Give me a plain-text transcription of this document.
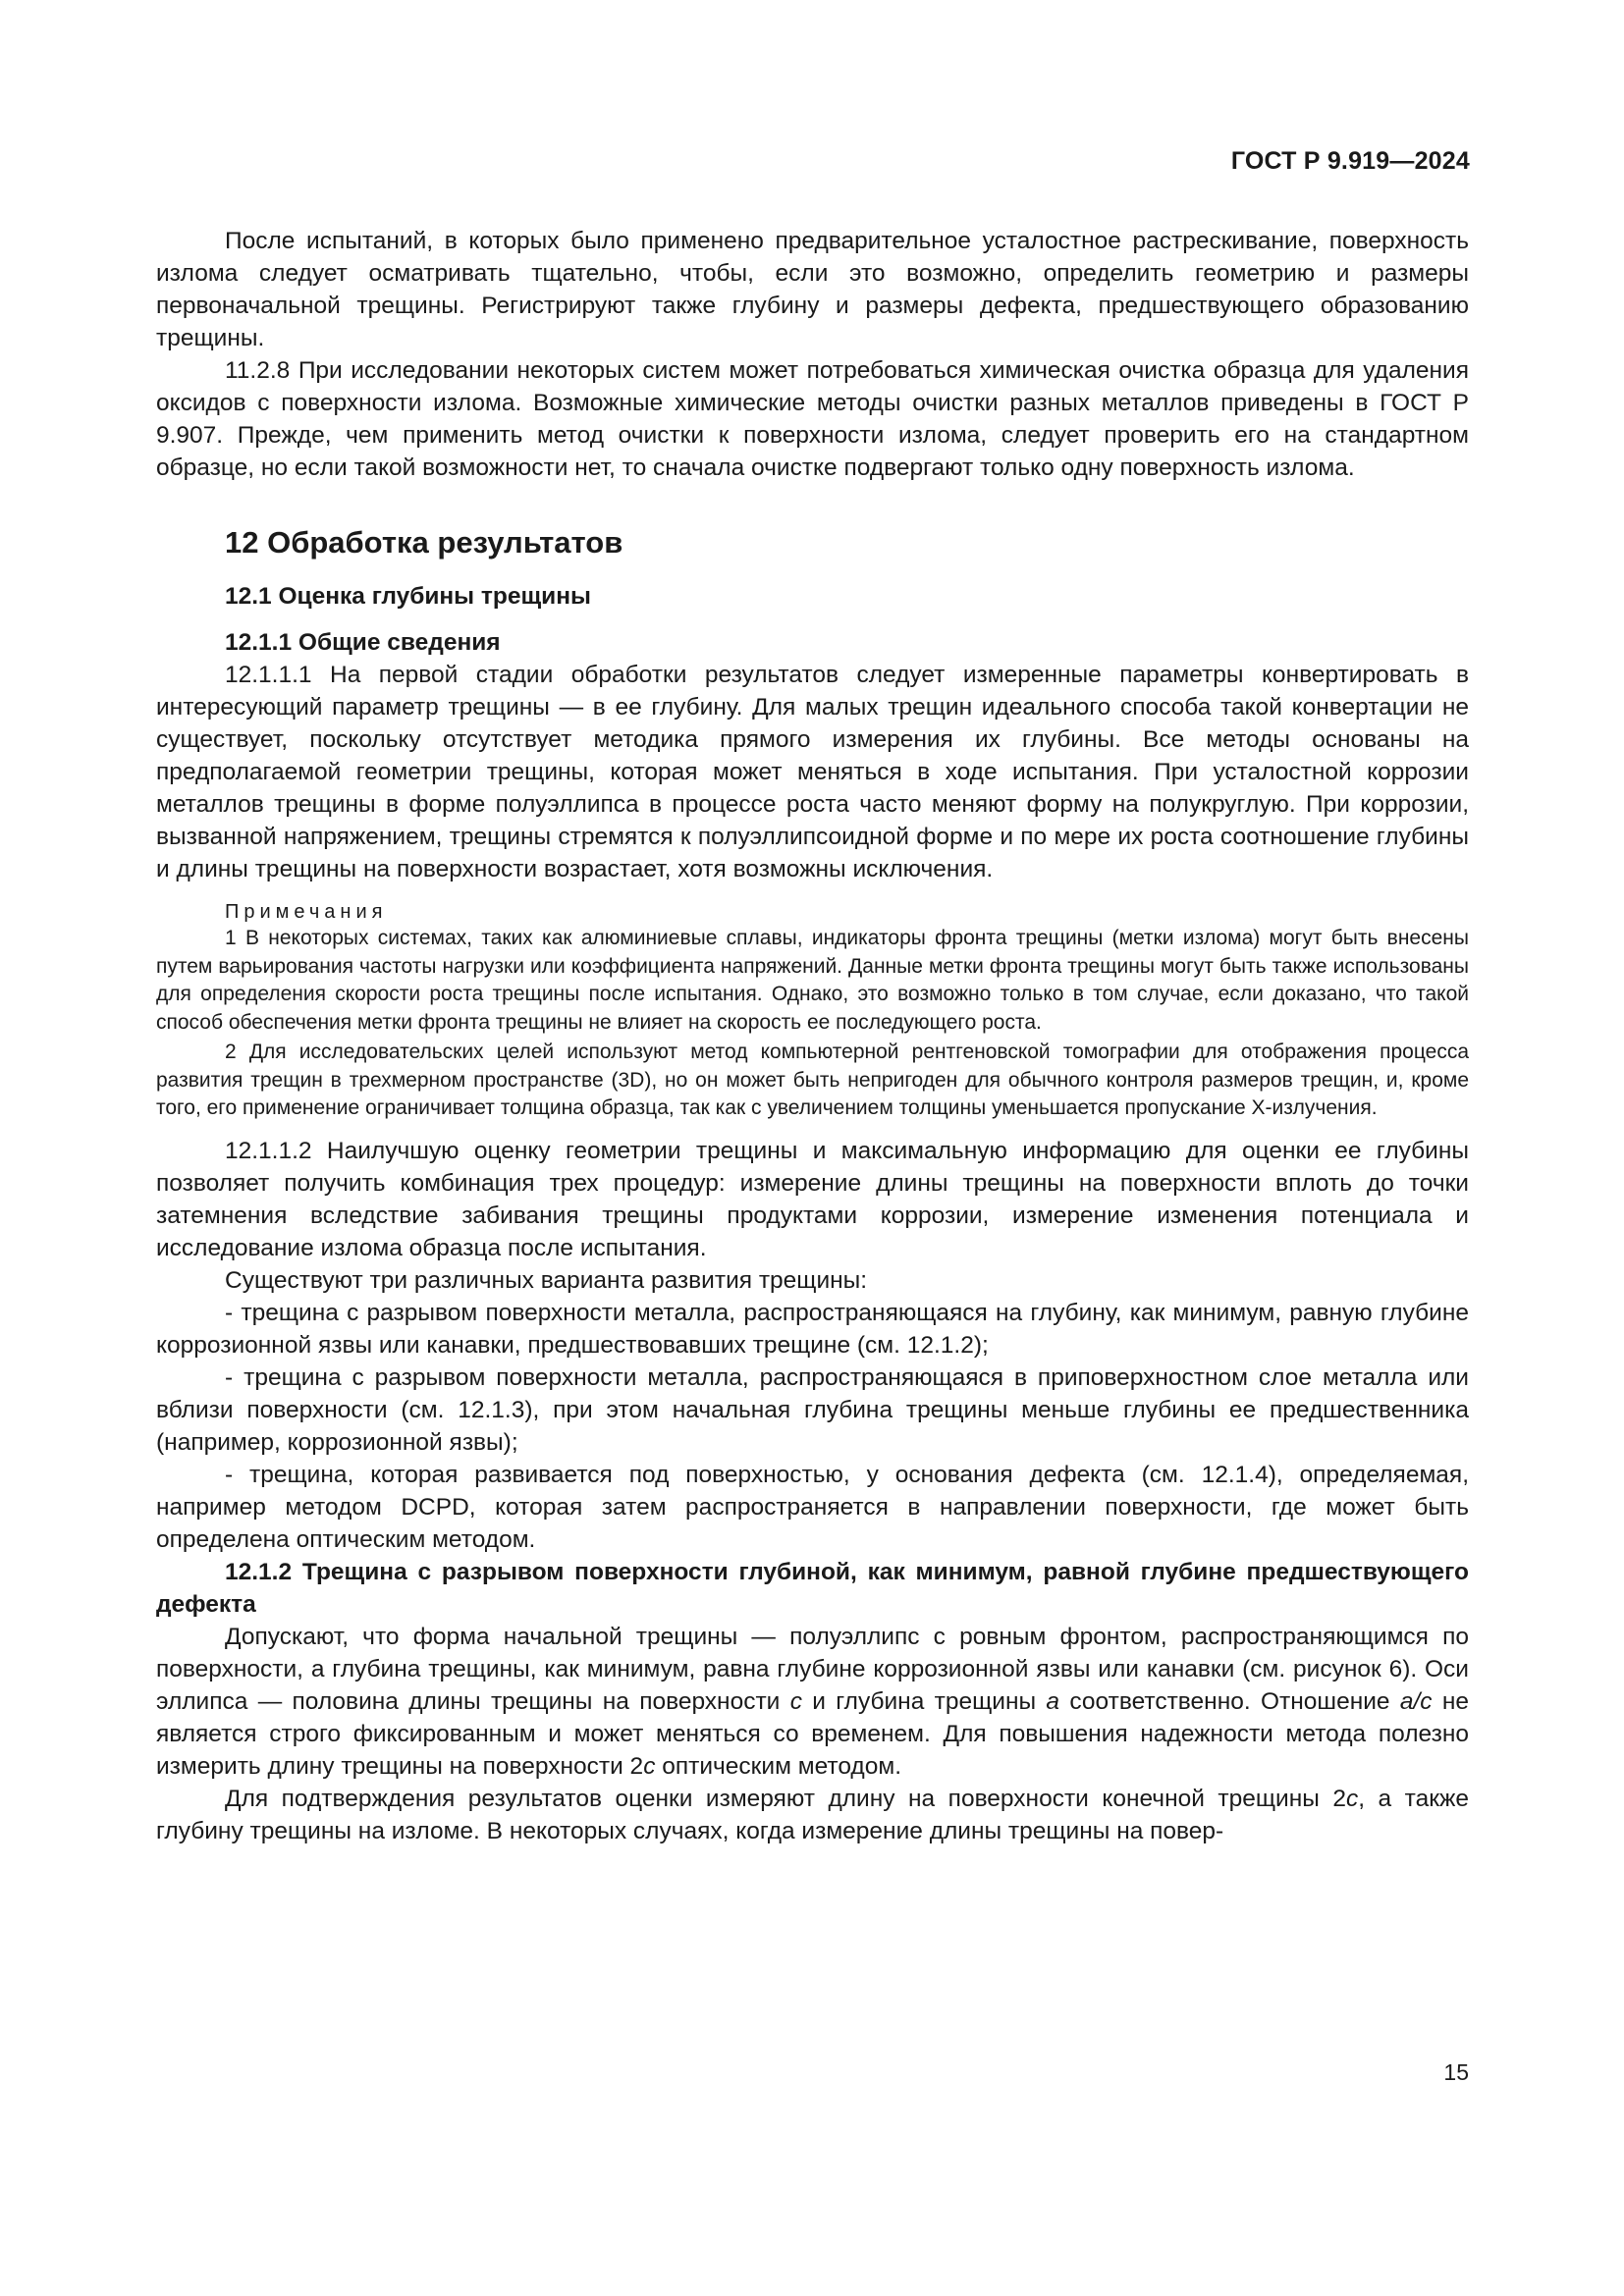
ГОСТ Р 9.919—2024

После испытаний, в которых было применено предварительное усталостное растрескивание, поверхность излома следует осматривать тщательно, чтобы, если это возможно, определить геометрию и размеры первоначальной трещины. Регистрируют также глубину и размеры дефекта, предшествующего образованию трещины.

11.2.8 При исследовании некоторых систем может потребоваться химическая очистка образца для удаления оксидов с поверхности излома. Возможные химические методы очистки разных металлов приведены в ГОСТ Р 9.907. Прежде, чем применить метод очистки к поверхности излома, следует проверить его на стандартном образце, но если такой возможности нет, то сначала очистке подвергают только одну поверхность излома.

12 Обработка результатов
12.1 Оценка глубины трещины
12.1.1 Общие сведения

12.1.1.1 На первой стадии обработки результатов следует измеренные параметры конвертировать в интересующий параметр трещины — в ее глубину. Для малых трещин идеального способа такой конвертации не существует, поскольку отсутствует методика прямого измерения их глубины. Все методы основаны на предполагаемой геометрии трещины, которая может меняться в ходе испытания. При усталостной коррозии металлов трещины в форме полуэллипса в процессе роста часто меняют форму на полукруглую. При коррозии, вызванной напряжением, трещины стремятся к полуэллипсоидной форме и по мере их роста соотношение глубины и длины трещины на поверхности возрастает, хотя возможны исключения.

Примечания

1 В некоторых системах, таких как алюминиевые сплавы, индикаторы фронта трещины (метки излома) могут быть внесены путем варьирования частоты нагрузки или коэффициента напряжений. Данные метки фронта трещины могут быть также использованы для определения скорости роста трещины после испытания. Однако, это возможно только в том случае, если доказано, что такой способ обеспечения метки фронта трещины не влияет на скорость ее последующего роста.

2 Для исследовательских целей используют метод компьютерной рентгеновской томографии для отображения процесса развития трещин в трехмерном пространстве (3D), но он может быть непригоден для обычного контроля размеров трещин, и, кроме того, его применение ограничивает толщина образца, так как с увеличением толщины уменьшается пропускание X-излучения.

12.1.1.2 Наилучшую оценку геометрии трещины и максимальную информацию для оценки ее глубины позволяет получить комбинация трех процедур: измерение длины трещины на поверхности вплоть до точки затемнения вследствие забивания трещины продуктами коррозии, измерение изменения потенциала и исследование излома образца после испытания.

Существуют три различных варианта развития трещины:

- трещина с разрывом поверхности металла, распространяющаяся на глубину, как минимум, равную глубине коррозионной язвы или канавки, предшествовавших трещине (см. 12.1.2);

- трещина с разрывом поверхности металла, распространяющаяся в приповерхностном слое металла или вблизи поверхности (см. 12.1.3), при этом начальная глубина трещины меньше глубины ее предшественника (например, коррозионной язвы);

- трещина, которая развивается под поверхностью, у основания дефекта (см. 12.1.4), определяемая, например методом DCPD, которая затем распространяется в направлении поверхности, где может быть определена оптическим методом.

12.1.2 Трещина с разрывом поверхности глубиной, как минимум, равной глубине предшествующего дефекта

Допускают, что форма начальной трещины — полуэллипс с ровным фронтом, распространяющимся по поверхности, а глубина трещины, как минимум, равна глубине коррозионной язвы или канавки (см. рисунок 6). Оси эллипса — половина длины трещины на поверхности c и глубина трещины a соответственно. Отношение a/c не является строго фиксированным и может меняться со временем. Для повышения надежности метода полезно измерить длину трещины на поверхности 2c оптическим методом.

Для подтверждения результатов оценки измеряют длину на поверхности конечной трещины 2c, а также глубину трещины на изломе. В некоторых случаях, когда измерение длины трещины на повер-

15
